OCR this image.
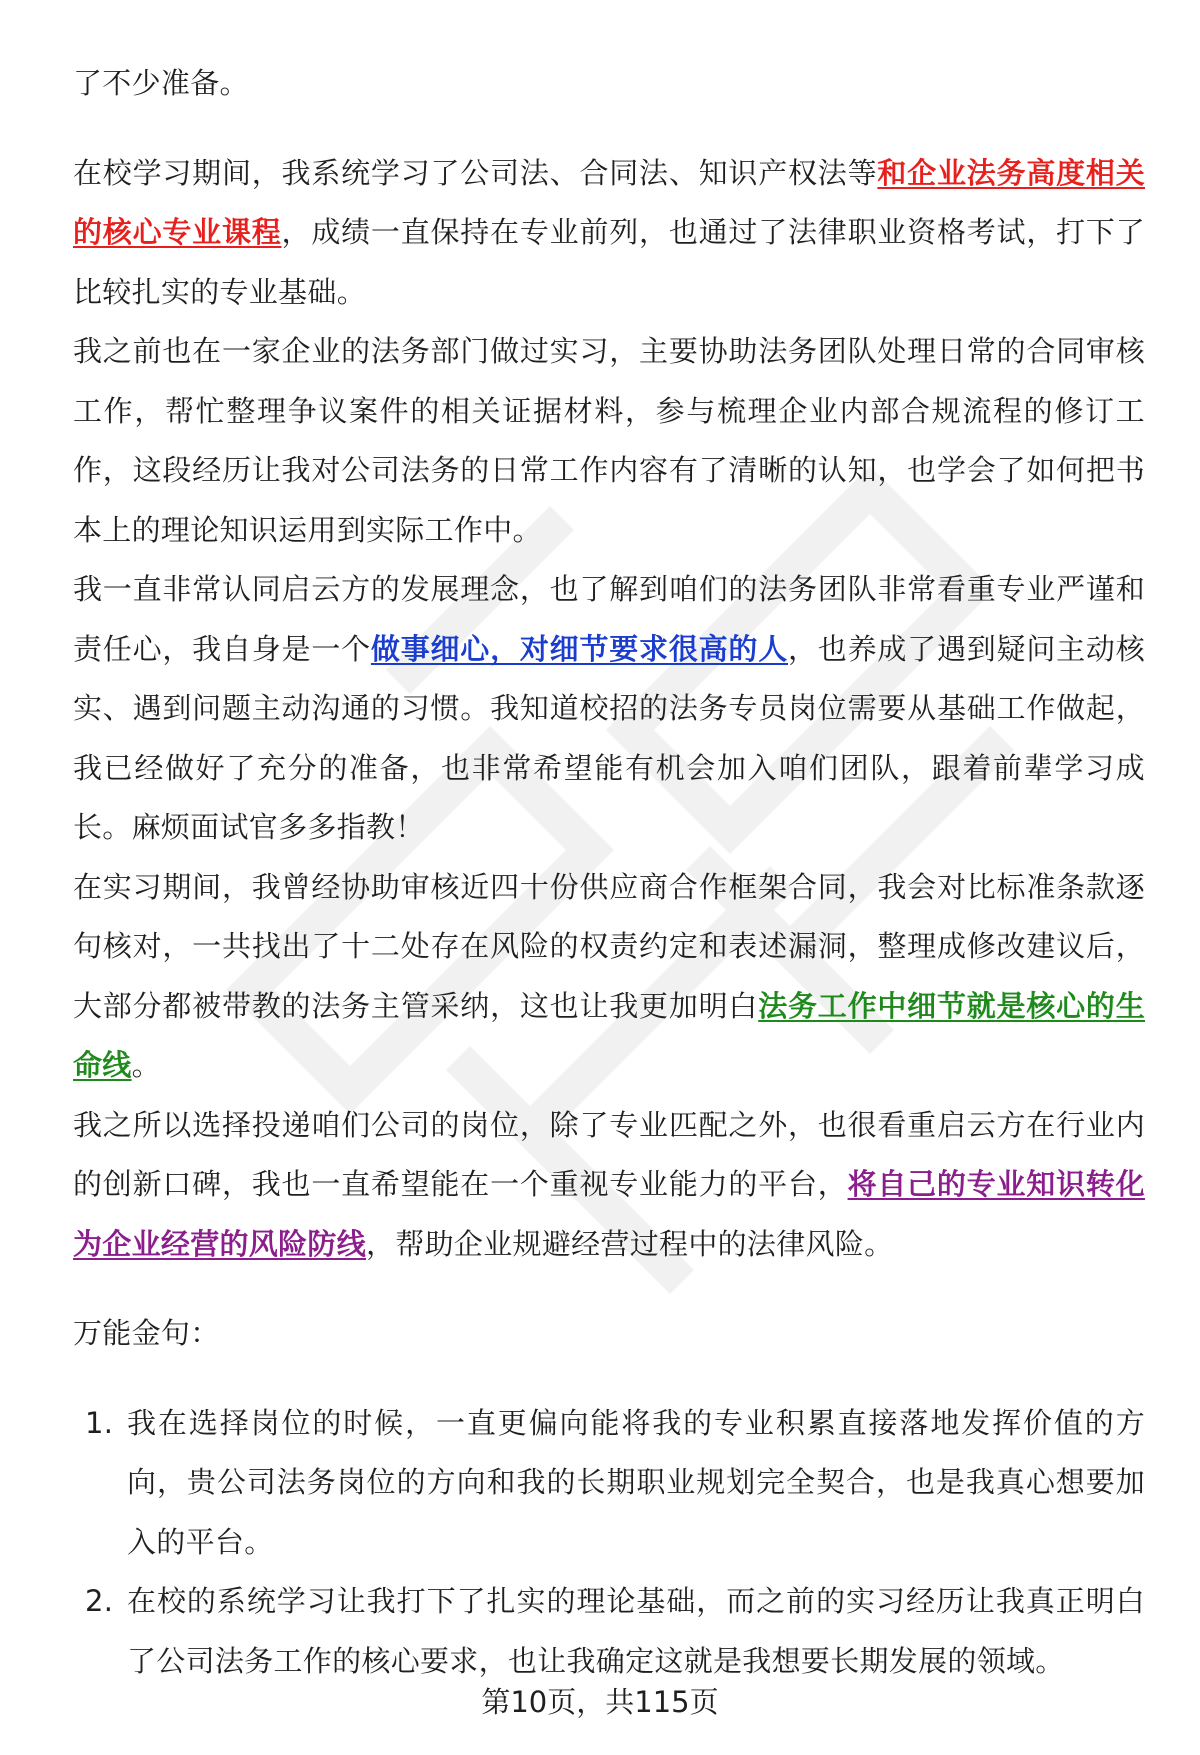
了不少准备。

在校学习期间，我系统学习了公司法、合同法、知识产权法等和企业法务高度相关的核心专业课程，成绩一直保持在专业前列，也通过了法律职业资格考试，打下了比较扎实的专业基础。

我之前也在一家企业的法务部门做过实习，主要协助法务团队处理日常的合同审核工作，帮忙整理争议案件的相关证据材料，参与梳理企业内部合规流程的修订工作，这段经历让我对公司法务的日常工作内容有了清晰的认知，也学会了如何把书本上的理论知识运用到实际工作中。

我一直非常认同启云方的发展理念，也了解到咱们的法务团队非常看重专业严谨和责任心，我自身是一个做事细心，对细节要求很高的人，也养成了遇到疑问主动核实、遇到问题主动沟通的习惯。我知道校招的法务专员岗位需要从基础工作做起，我已经做好了充分的准备，也非常希望能有机会加入咱们团队，跟着前辈学习成长。麻烦面试官多多指教！

在实习期间，我曾经协助审核近四十份供应商合作框架合同，我会对比标准条款逐句核对，一共找出了十二处存在风险的权责约定和表述漏洞，整理成修改建议后，大部分都被带教的法务主管采纳，这也让我更加明白法务工作中细节就是核心的生命线。

我之所以选择投递咱们公司的岗位，除了专业匹配之外，也很看重启云方在行业内的创新口碑，我也一直希望能在一个重视专业能力的平台，将自己的专业知识转化为企业经营的风险防线，帮助企业规避经营过程中的法律风险。

万能金句：

1. 我在选择岗位的时候，一直更偏向能将我的专业积累直接落地发挥价值的方向，贵公司法务岗位的方向和我的长期职业规划完全契合，也是我真心想要加入的平台。
2. 在校的系统学习让我打下了扎实的理论基础，而之前的实习经历让我真正明白了公司法务工作的核心要求，也让我确定这就是我想要长期发展的领域。
第10页，共115页
